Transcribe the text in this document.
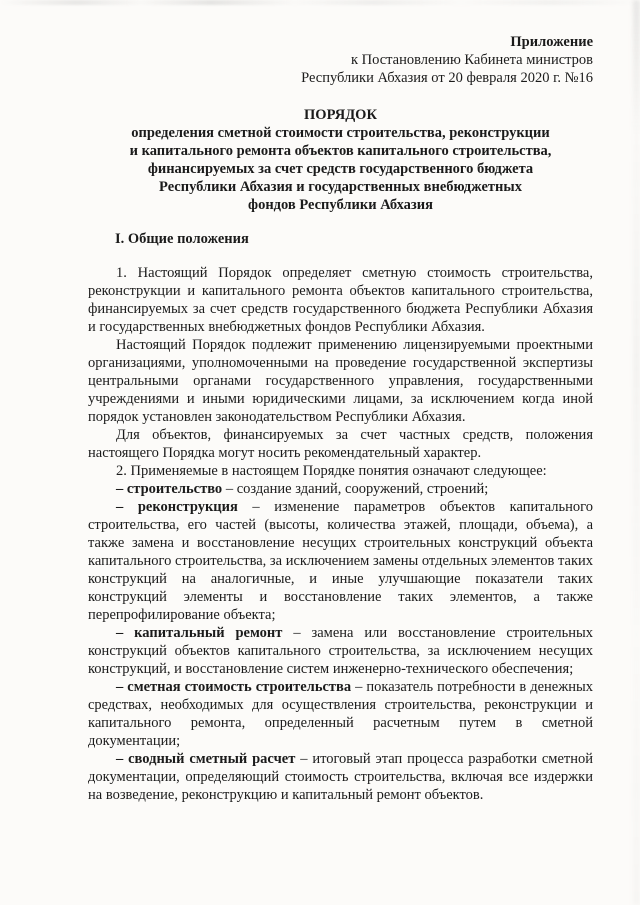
Приложение
к Постановлению Кабинета министров
Республики Абхазия от 20 февраля 2020 г. №16
ПОРЯДОК
определения сметной стоимости строительства, реконструкции
и капитального ремонта объектов капитального строительства,
финансируемых за счет средств государственного бюджета
Республики Абхазия и государственных внебюджетных
фондов Республики Абхазия

I. Общие положения

1. Настоящий Порядок определяет сметную стоимость строительства, реконструкции и капитального ремонта объектов капитального строительства, финансируемых за счет средств государственного бюджета Республики Абхазия и государственных внебюджетных фондов Республики Абхазия.

Настоящий Порядок подлежит применению лицензируемыми проектными организациями, уполномоченными на проведение государственной экспертизы центральными органами государственного управления, государственными учреждениями и иными юридическими лицами, за исключением когда иной порядок установлен законодательством Республики Абхазия.

Для объектов, финансируемых за счет частных средств, положения настоящего Порядка могут носить рекомендательный характер.

2. Применяемые в настоящем Порядке понятия означают следующее:

– строительство – создание зданий, сооружений, строений;

– реконструкция – изменение параметров объектов капитального строительства, его частей (высоты, количества этажей, площади, объема), а также замена и восстановление несущих строительных конструкций объекта капитального строительства, за исключением замены отдельных элементов таких конструкций на аналогичные, и иные улучшающие показатели таких конструкций элементы и восстановление таких элементов, а также перепрофилирование объекта;

– капитальный ремонт – замена или восстановление строительных конструкций объектов капитального строительства, за исключением несущих конструкций, и восстановление систем инженерно-технического обеспечения;

– сметная стоимость строительства – показатель потребности в денежных средствах, необходимых для осуществления строительства, реконструкции и капитального ремонта, определенный расчетным путем в сметной документации;

– сводный сметный расчет – итоговый этап процесса разработки сметной документации, определяющий стоимость строительства, включая все издержки на возведение, реконструкцию и капитальный ремонт объектов.
